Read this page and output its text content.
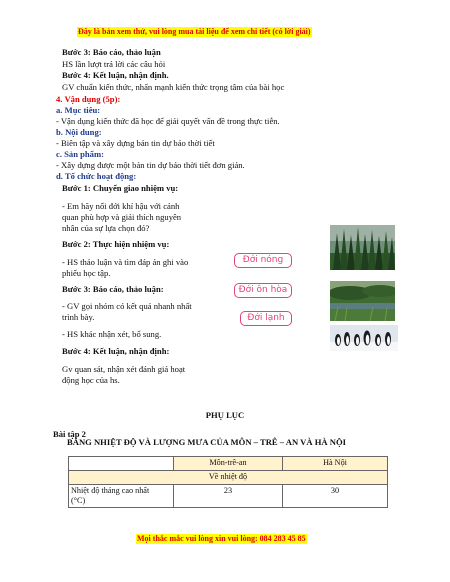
Đây là bản xem thử, vui lòng mua tài liệu để xem chi tiết (có lời giải)
Bước 3: Báo cáo, thảo luận
HS lần lượt trả lời các câu hỏi
Bước 4: Kết luận, nhận định.
GV chuẩn kiến thức, nhấn mạnh kiến thức trọng tâm của bài học
4. Vận dụng (5p):
a. Mục tiêu:
- Vận dụng kiến thức đã học để giải quyết vấn đề trong thực tiễn.
b. Nội dung:
- Biên tập và xây dựng bản tin dự báo thời tiết
c. Sản phẩm:
- Xây dựng được một bản tin dự báo thời tiết đơn giản.
d. Tổ chức hoạt động:
Bước 1: Chuyển giao nhiệm vụ:
- Em hãy nối đới khí hậu với cảnh
quan phù hợp và giải thích nguyên
nhân của sự lựa chọn đó?
Bước 2: Thực hiện nhiệm vụ:
- HS thảo luận và tìm đáp án ghi vào
phiếu học tập.
Bước 3: Báo cáo, thảo luận:
- GV gọi nhóm có kết quả nhanh nhất
trình bày.
- HS khác nhận xét, bổ sung.
Bước 4: Kết luận, nhận định:
Gv quan sát, nhận xét đánh giá hoạt
động học của hs.
Đới nóng
Đới ôn hòa
Đới lạnh
PHỤ LỤC
Bài tập 2
BẢNG NHIỆT ĐỘ VÀ LƯỢNG MƯA CỦA MÔN – TRÊ – AN VÀ HÀ NỘI
	Môn-trê-an	Hà Nội
Về nhiệt độ		
Nhiệt độ tháng cao nhất
(°C)	23	30
Mọi thắc mắc vui lòng xin vui lòng: 084 283 45 85
